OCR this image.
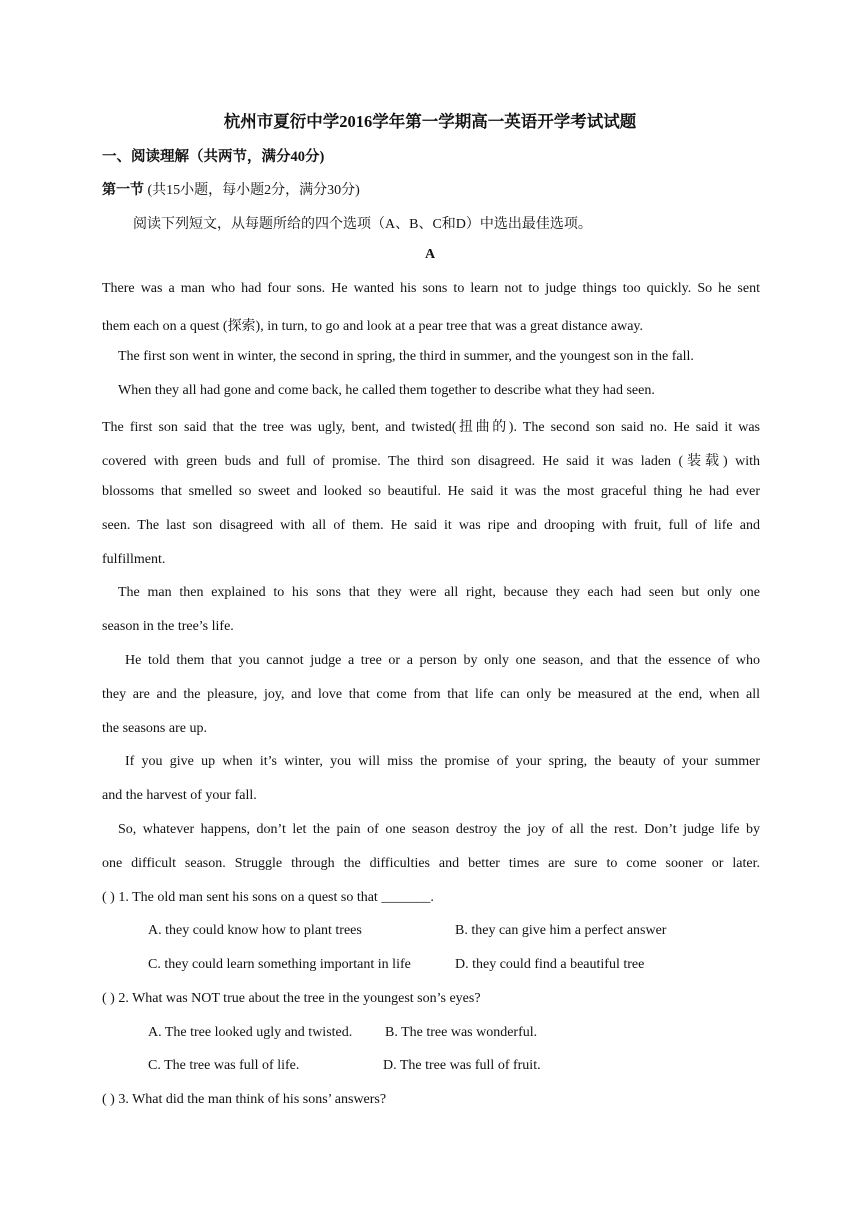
杭州市夏衍中学2016学年第一学期高一英语开学考试试题
一、阅读理解（共两节，满分40分)
第一节 (共15小题，每小题2分，满分30分)
阅读下列短文，从每题所给的四个选项（A、B、C和D）中选出最佳选项。
A
There was a man who had four sons. He wanted his sons to learn not to judge things too quickly. So he sent
them each on a quest (探索), in turn, to go and look at a pear tree that was a great distance away.
The first son went in winter, the second in spring, the third in summer, and the youngest son in the fall.
When they all had gone and come back, he called them together to describe what they had seen.
The first son said that the tree was ugly, bent, and twisted(扭曲的). The second son said no. He said it was
covered with green buds and full of promise. The third son disagreed. He said it was laden (装载) with
blossoms that smelled so sweet and looked so beautiful. He said it was the most graceful thing he had ever
seen. The last son disagreed with all of them. He said it was ripe and drooping with fruit, full of life and
fulfillment.
The man then explained to his sons that they were all right, because they each had seen but only one
season in the tree’s life.
He told them that you cannot judge a tree or a person by only one season, and that the essence of who
they are and the pleasure, joy, and love that come from that life can only be measured at the end, when all
the seasons are up.
If you give up when it’s winter, you will miss the promise of your spring, the beauty of your summer
and the harvest of your fall.
So, whatever happens, don’t let the pain of one season destroy the joy of all the rest. Don’t judge life by
one difficult season. Struggle through the difficulties and better times are sure to come sooner or later.
( ) 1. The old man sent his sons on a quest so that _______.
A. they could know how to plant trees	B. they can give him a perfect answer
C. they could learn something important in life	D. they could find a beautiful tree
( ) 2. What was NOT true about the tree in the youngest son’s eyes?
A. The tree looked ugly and twisted. B. The tree was wonderful.
C. The tree was full of life.	D. The tree was full of fruit.
( ) 3. What did the man think of his sons’ answers?
